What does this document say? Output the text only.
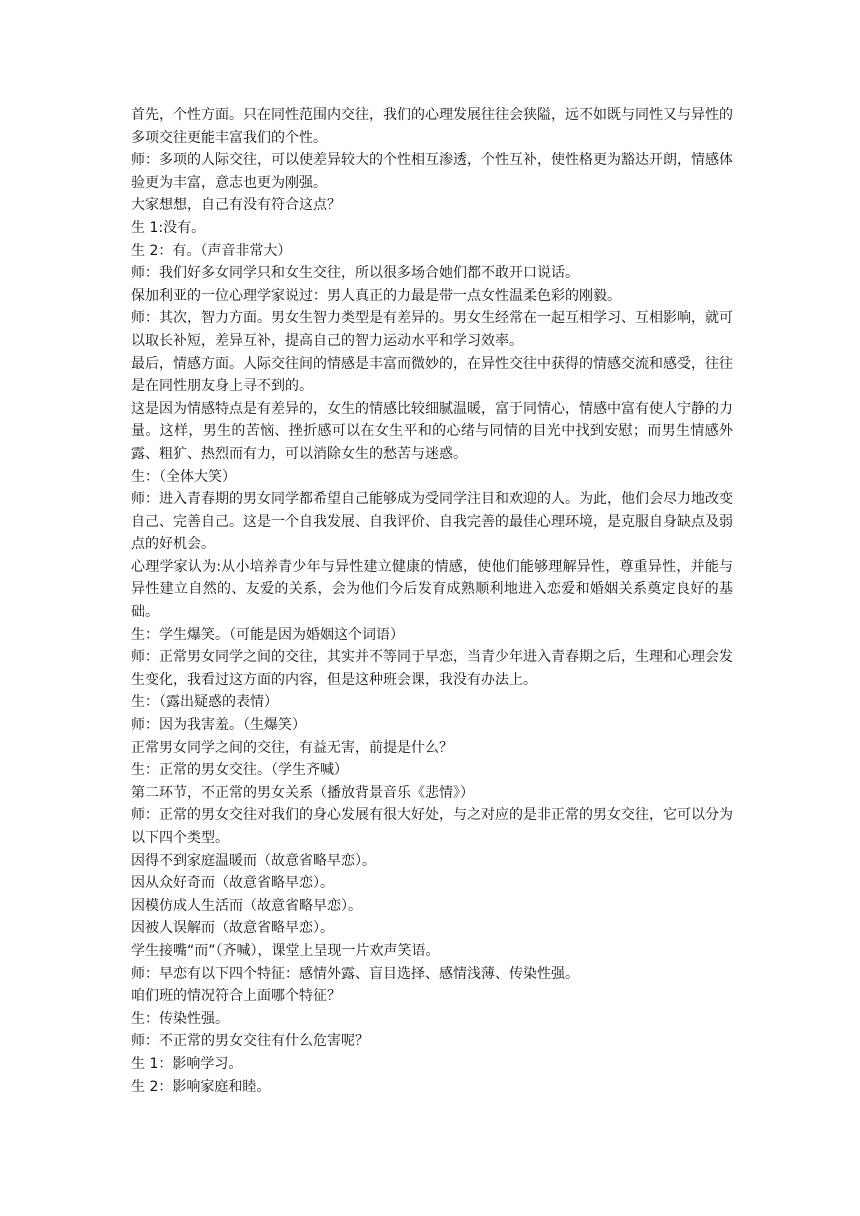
首先，个性方面。只在同性范围内交往，我们的心理发展往往会狭隘，远不如既与同性又与异性的多项交往更能丰富我们的个性。

师：多项的人际交往，可以使差异较大的个性相互渗透，个性互补，使性格更为豁达开朗，情感体验更为丰富，意志也更为刚强。

大家想想，自己有没有符合这点？

生 1:没有。

生 2：有。（声音非常大）

师：我们好多女同学只和女生交往，所以很多场合她们都不敢开口说话。

保加利亚的一位心理学家说过：男人真正的力最是带一点女性温柔色彩的刚毅。

师：其次，智力方面。男女生智力类型是有差异的。男女生经常在一起互相学习、互相影响，就可以取长补短，差异互补，提高自己的智力运动水平和学习效率。

最后，情感方面。人际交往间的情感是丰富而微妙的，在异性交往中获得的情感交流和感受，往往是在同性朋友身上寻不到的。

这是因为情感特点是有差异的，女生的情感比较细腻温暖，富于同情心，情感中富有使人宁静的力量。这样，男生的苦恼、挫折感可以在女生平和的心绪与同情的目光中找到安慰；而男生情感外露、粗犷、热烈而有力，可以消除女生的愁苦与迷惑。

生：（全体大笑）

师：进入青春期的男女同学都希望自己能够成为受同学注目和欢迎的人。为此，他们会尽力地改变自己、完善自己。这是一个自我发展、自我评价、自我完善的最佳心理环境，是克服自身缺点及弱点的好机会。

心理学家认为:从小培养青少年与异性建立健康的情感，使他们能够理解异性，尊重异性，并能与异性建立自然的、友爱的关系，会为他们今后发育成熟顺利地进入恋爱和婚姻关系奠定良好的基础。

生：学生爆笑。（可能是因为婚姻这个词语）

师：正常男女同学之间的交往，其实并不等同于早恋，当青少年进入青春期之后，生理和心理会发生变化，我看过这方面的内容，但是这种班会课，我没有办法上。

生：（露出疑惑的表情）

师：因为我害羞。（生爆笑）

正常男女同学之间的交往，有益无害，前提是什么？

生：正常的男女交往。（学生齐喊）

第二环节，不正常的男女关系（播放背景音乐《悲情》）

师：正常的男女交往对我们的身心发展有很大好处，与之对应的是非正常的男女交往，它可以分为以下四个类型。

因得不到家庭温暖而（故意省略早恋）。

因从众好奇而（故意省略早恋）。

因模仿成人生活而（故意省略早恋）。

因被人误解而（故意省略早恋）。

学生接嘴“而”（齐喊），课堂上呈现一片欢声笑语。

师：早恋有以下四个特征：感情外露、盲目选择、感情浅薄、传染性强。

咱们班的情况符合上面哪个特征？

生：传染性强。

师：不正常的男女交往有什么危害呢？

生 1：影响学习。

生 2：影响家庭和睦。
